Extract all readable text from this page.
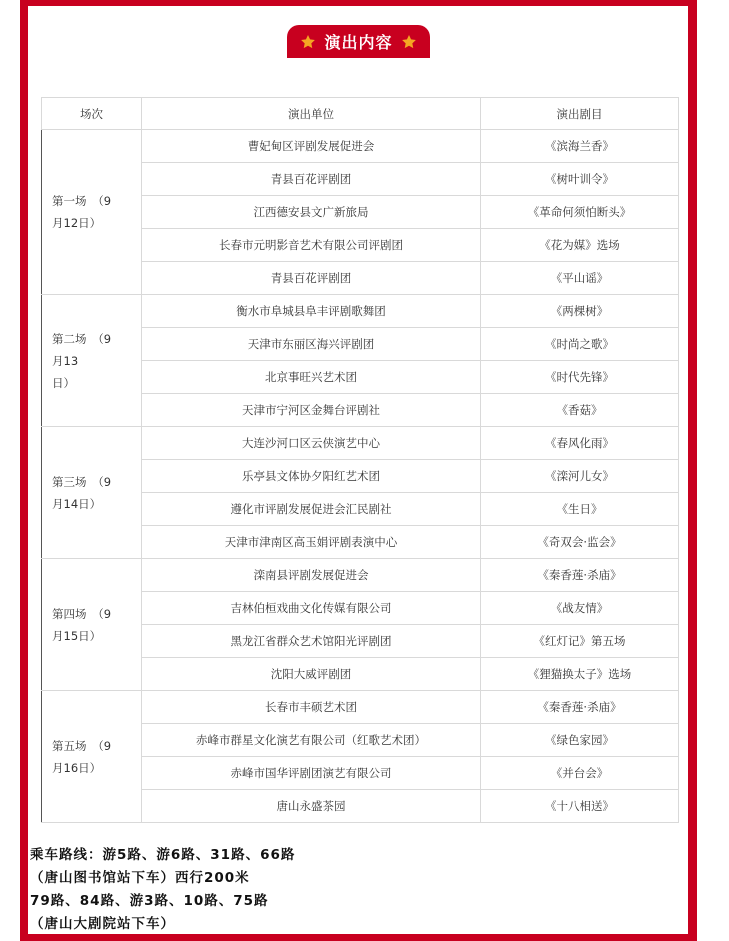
演出内容
场次	演出单位	演出剧目

第一场　（9
月12日）	曹妃甸区评剧发展促进会	《滨海兰香》
	青县百花评剧团	《树叶训令》
	江西德安县文广新旅局	《革命何须怕断头》
	长春市元明影音艺术有限公司评剧团	《花为媒》选场
	青县百花评剧团	《平山谣》

第二场　（9
月13
日）	衡水市阜城县阜丰评剧歌舞团	《两棵树》
	天津市东丽区海兴评剧团	《时尚之歌》
	北京事旺兴艺术团	《时代先锋》
	天津市宁河区金舞台评剧社	《香菇》

第三场　（9
月14日）	大连沙河口区云侠演艺中心	《春风化雨》
	乐亭县文体协夕阳红艺术团	《滦河儿女》
	遵化市评剧发展促进会汇民剧社	《生日》
	天津市津南区高玉娟评剧表演中心	《奇双会·监会》

第四场　（9
月15日）	滦南县评剧发展促进会	《秦香莲·杀庙》
	吉林伯桓戏曲文化传媒有限公司	《战友情》
	黑龙江省群众艺术馆阳光评剧团	《红灯记》第五场
	沈阳大威评剧团	《狸猫换太子》选场

第五场　（9
月16日）	长春市丰硕艺术团	《秦香莲·杀庙》
	赤峰市群星文化演艺有限公司（红歌艺术团）	《绿色家园》
	赤峰市国华评剧团演艺有限公司	《并台会》
	唐山永盛茶园	《十八相送》
乘车路线：游5路、游6路、31路、66路
（唐山图书馆站下车）西行200米
79路、84路、游3路、10路、75路
（唐山大剧院站下车）
